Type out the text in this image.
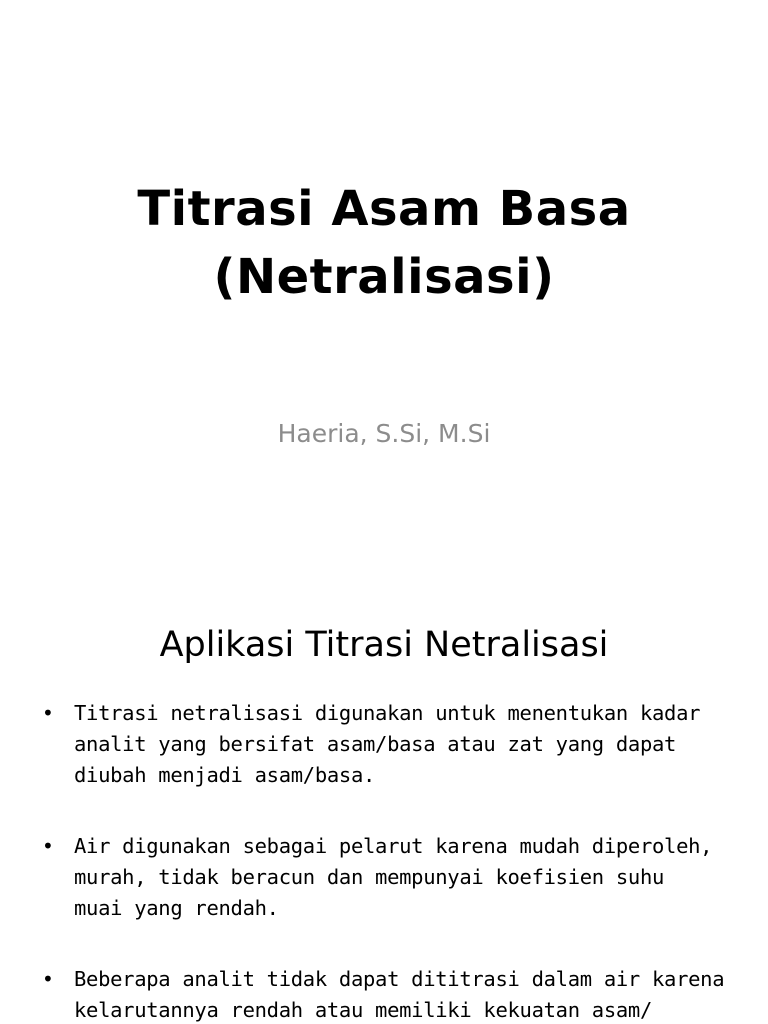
Titrasi Asam Basa
(Netralisasi)
Haeria, S.Si, M.Si
Aplikasi Titrasi Netralisasi
• Titrasi netralisasi digunakan untuk menentukan kadar
analit yang bersifat asam/basa atau zat yang dapat
diubah menjadi asam/basa.
• Air digunakan sebagai pelarut karena mudah diperoleh,
murah, tidak beracun dan mempunyai koefisien suhu
muai yang rendah.
• Beberapa analit tidak dapat dititrasi dalam air karena
kelarutannya rendah atau memiliki kekuatan asam/
